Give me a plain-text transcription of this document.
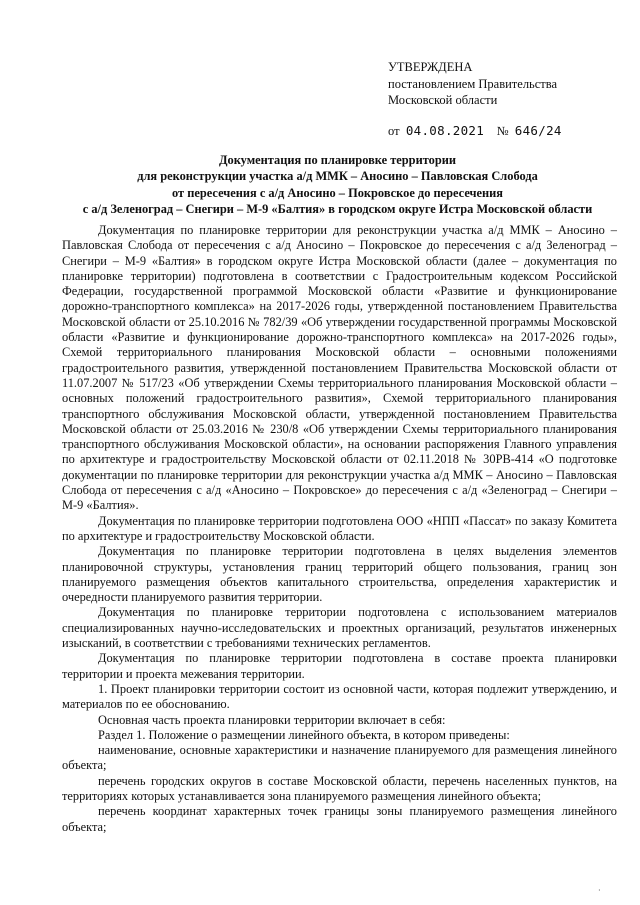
УТВЕРЖДЕНА
постановлением Правительства
Московской области
от 04.08.2021 № 646/24
Документация по планировке территории
для реконструкции участка а/д ММК – Аносино – Павловская Слобода
от пересечения с а/д Аносино – Покровское до пересечения
с а/д Зеленоград – Снегири – М-9 «Балтия» в городском округе Истра Московской области

Документация по планировке территории для реконструкции участка а/д ММК – Аносино – Павловская Слобода от пересечения с а/д Аносино – Покровское до пересечения с а/д Зеленоград – Снегири – М-9 «Балтия» в городском округе Истра Московской области (далее – документация по планировке территории) подготовлена в соответствии с Градостроительным кодексом Российской Федерации, государственной программой Московской области «Развитие и функционирование дорожно-транспортного комплекса» на 2017-2026 годы, утвержденной постановлением Правительства Московской области от 25.10.2016 № 782/39 «Об утверждении государственной программы Московской области «Развитие и функционирование дорожно-транспортного комплекса» на 2017-2026 годы», Схемой территориального планирования Московской области – основными положениями градостроительного развития, утвержденной постановлением Правительства Московской области от 11.07.2007 № 517/23 «Об утверждении Схемы территориального планирования Московской области – основных положений градостроительного развития», Схемой территориального планирования транспортного обслуживания Московской области, утвержденной постановлением Правительства Московской области от 25.03.2016 № 230/8 «Об утверждении Схемы территориального планирования транспортного обслуживания Московской области», на основании распоряжения Главного управления по архитектуре и градостроительству Московской области от 02.11.2018 № 30РВ-414 «О подготовке документации по планировке территории для реконструкции участка а/д ММК – Аносино – Павловская Слобода от пересечения с а/д «Аносино – Покровское» до пересечения с а/д «Зеленоград – Снегири – М-9 «Балтия».

Документация по планировке территории подготовлена ООО «НПП «Пассат» по заказу Комитета по архитектуре и градостроительству Московской области.

Документация по планировке территории подготовлена в целях выделения элементов планировочной структуры, установления границ территорий общего пользования, границ зон планируемого размещения объектов капитального строительства, определения характеристик и очередности планируемого развития территории.

Документация по планировке территории подготовлена с использованием материалов специализированных научно-исследовательских и проектных организаций, результатов инженерных изысканий, в соответствии с требованиями технических регламентов.

Документация по планировке территории подготовлена в составе проекта планировки территории и проекта межевания территории.

1. Проект планировки территории состоит из основной части, которая подлежит утверждению, и материалов по ее обоснованию.

Основная часть проекта планировки территории включает в себя:

Раздел 1. Положение о размещении линейного объекта, в котором приведены:

наименование, основные характеристики и назначение планируемого для размещения линейного объекта;

перечень городских округов в составе Московской области, перечень населенных пунктов, на территориях которых устанавливается зона планируемого размещения линейного объекта;

перечень координат характерных точек границы зоны планируемого размещения линейного объекта;

·
